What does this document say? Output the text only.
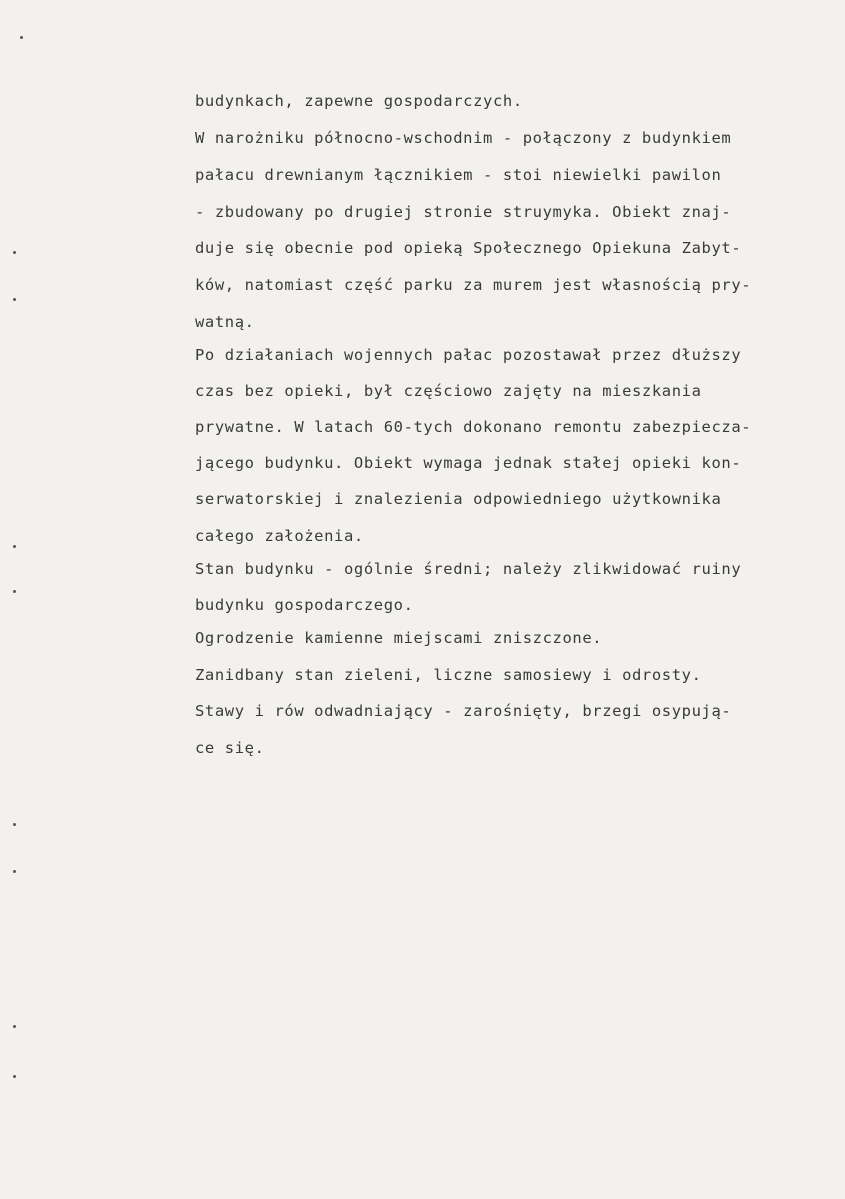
budynkach, zapewne gospodarczych.
W narożniku północno-wschodnim - połączony z budynkiem
pałacu drewnianym łącznikiem - stoi niewielki pawilon
- zbudowany po drugiej stronie struymyka. Obiekt znaj-
duje się obecnie pod opieką Społecznego Opiekuna Zabyt-
ków, natomiast część parku za murem jest własnością pry-
watną.
Po działaniach wojennych pałac pozostawał przez dłuższy
czas bez opieki, był częściowo zajęty na mieszkania
prywatne. W latach 60-tych dokonano remontu zabezpiecza-
jącego budynku. Obiekt wymaga jednak stałej opieki kon-
serwatorskiej i znalezienia odpowiedniego użytkownika
całego założenia.
Stan budynku - ogólnie średni; należy zlikwidować ruiny
budynku gospodarczego.
Ogrodzenie kamienne miejscami zniszczone.
Zanidbany stan zieleni, liczne samosiewy i odrosty.
Stawy i rów odwadniający - zarośnięty, brzegi osypują-
ce się.
